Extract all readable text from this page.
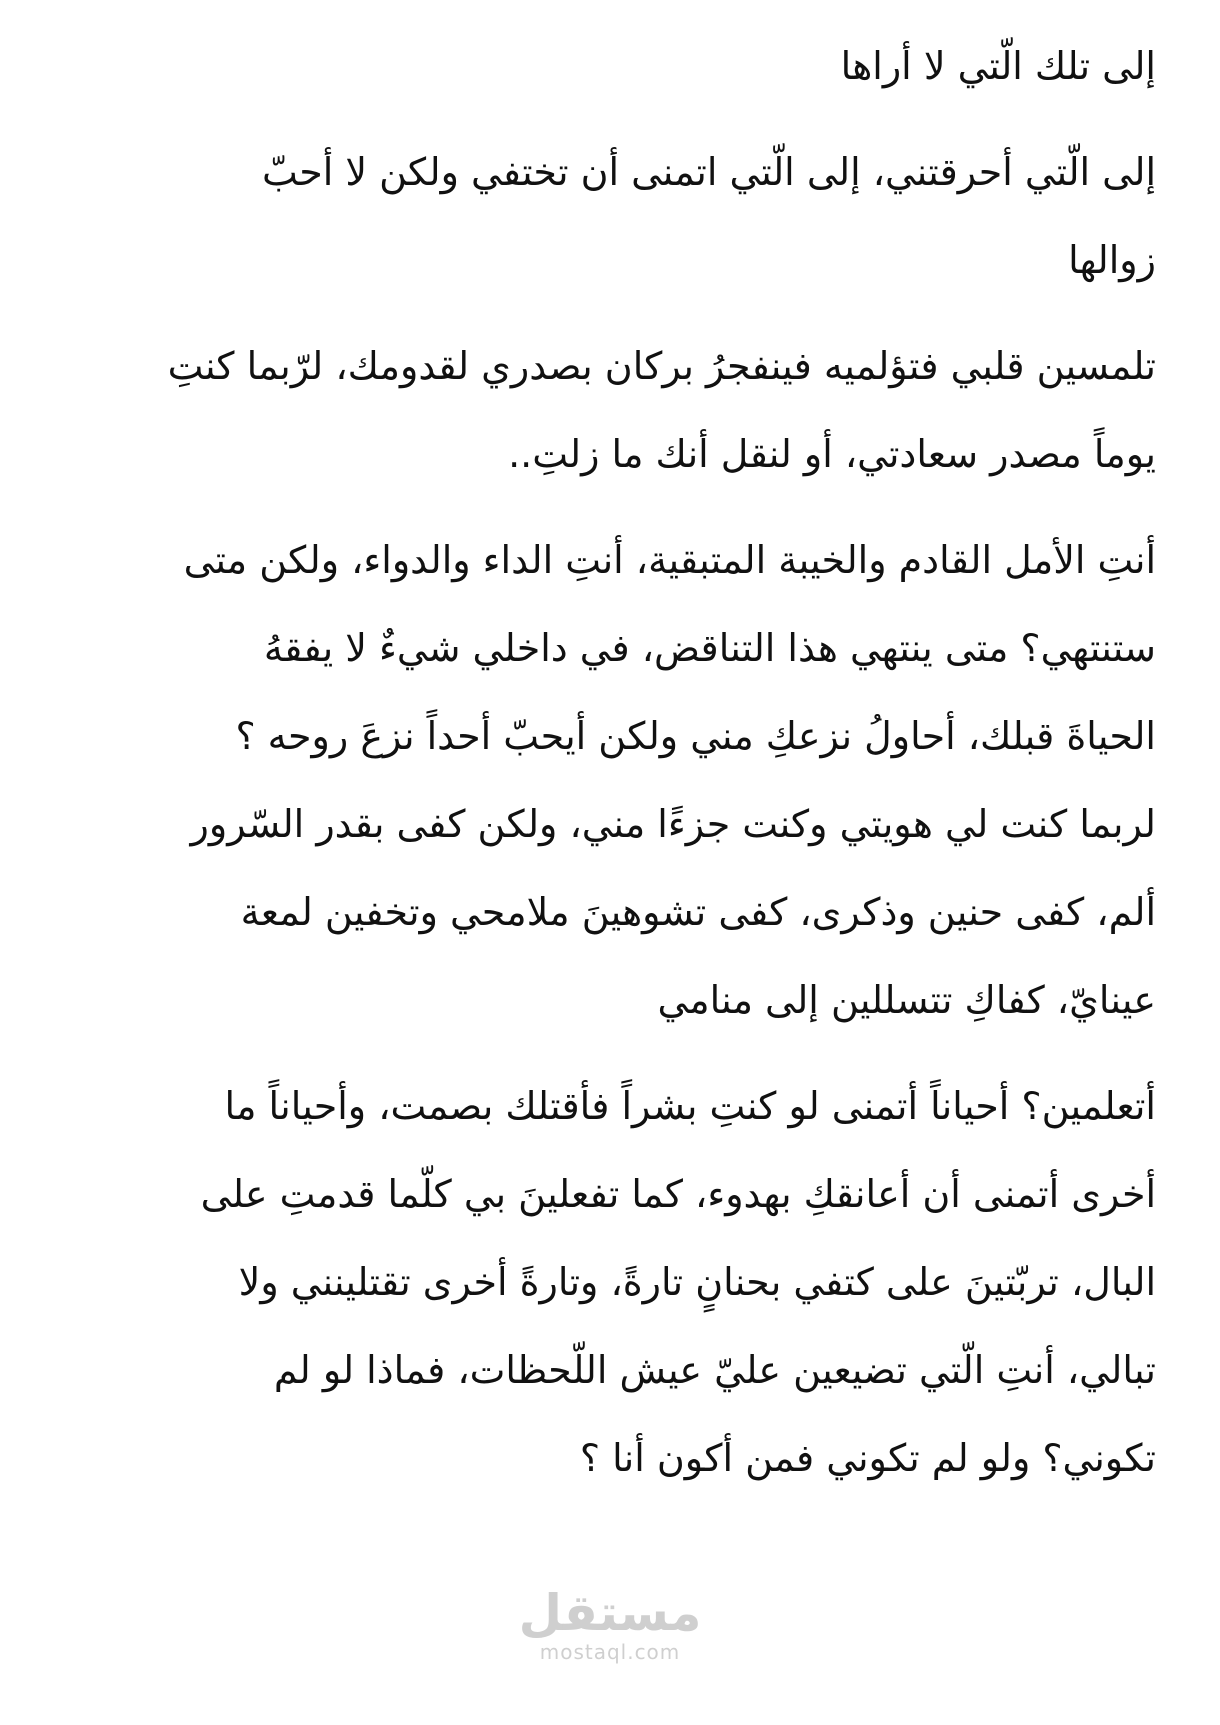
إلى تلك الّتي لا أراها

إلى الّتي أحرقتني، إلى الّتي اتمنى أن تختفي ولكن لا أحبّ
زوالها

تلمسين قلبي فتؤلميه فينفجرُ بركان بصدري لقدومك، لرّبما كنتِ
يوماً مصدر سعادتي، أو لنقل أنك ما زلتِ..

أنتِ الأمل القادم والخيبة المتبقية، أنتِ الداء والدواء، ولكن متى
ستنتهي؟ متى ينتهي هذا التناقض، في داخلي شيءٌ لا يفقهُ
الحياةَ قبلك، أحاولُ نزعكِ مني ولكن أيحبّ أحداً نزعَ روحه ؟
لربما كنت لي هويتي وكنت جزءًا مني، ولكن كفى بقدر السّرور
ألم، كفى حنين وذكرى، كفى تشوهينَ ملامحي وتخفين لمعة
عينايّ، كفاكِ تتسللين إلى منامي

أتعلمين؟ أحياناً أتمنى لو كنتِ بشراً فأقتلك بصمت، وأحياناً ما
أخرى أتمنى أن أعانقكِ بهدوء، كما تفعلينَ بي كلّما قدمتِ على
البال، تربّتينَ على كتفي بحنانٍ تارةً، وتارةً أخرى تقتلينني ولا
تبالي، أنتِ الّتي تضيعين عليّ عيش اللّحظات، فماذا لو لم
تكوني؟ ولو لم تكوني فمن أكون أنا ؟

مستقل
mostaql.com
